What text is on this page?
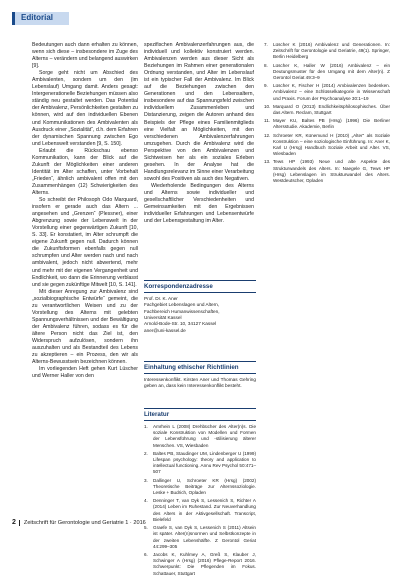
Editorial

Bedeutungen auch dann erhalten zu können, wenn sich diese – insbesondere im Zuge des Alterns – verändern und belangend auswirken [9].

Sorge geht nicht um Abschied des Ambivalenten, sondern um den (im Lebenslauf) Umgang damit. Anders gesagt: Intergenerationelle Beziehungen müssen also ständig neu gestaltet werden. Das Potential der Ambivalenz, Persönlichkeiten gestalten zu können, wird auf den individuellen Ebenen und Kommunikationen des Ambivalenten als Ausdruck einer „Sozialität“, d.h. dem Erfahren der dynamischen Spannung zwischen Ego und Lebenswelt verstanden [9, S. 150].

Erlaubt die Rückschau ebenso Kommunikation, kann der Blick auf die Zukunft der Möglichkeiten einer anderen Identität im Alter schaffen, unter Vorbehalt „Frieden“, ähnlich ambivalent offen mit den Zusammenhängen (12) Schwierigkeiten des Alterns.

So schreibt der Philosoph Odo Marquard, insofern er gerade auch das Altern ... angesehen und „Grenzen“ (Plessner), einer Abgrenzung sowie der Lebenswelt in der Vorstellung einer gegenwärtigen Zukunft [10, S. 33]. Er konstatiert, im Alter schrumpft die eigene Zukunft gegen null. Dadurch können die Zukunftsformen ebenfalls gegen null schrumpfen und Alter werden nach und nach ambivalent, jedoch nicht abwertend, mehr und mehr mit der eigenen Vergangenheit und Endlichkeit, wo dann die Erinnerung verblasst und sie gegen zukünftige Mitwelt [10, S. 141].

Mit dieser Anregung zur Ambivalenz sind „sozialbiographische Entwürfe“ gemeint, die zu verantwortlichen Weisen und zu der Vorstellung des Alterns mit gelebten Spannungsverhältnissen und der Bewältigung der Ambivalenz führen, sodass es für die ältere Person nicht das Ziel ist, den Widerspruch aufzulösen, sondern ihn auszuhalten und als Bestandteil des Lebens zu akzeptieren – ein Prozess, den wir als Alterns-Bewusstsein bezeichnen können.

Im vorliegenden Heft gehen Kurt Lüscher und Werner Haller von den

spezifischen Ambivalenzerfahrungen aus, die individuell und kollektiv konstruiert werden. Ambivalenzen werden aus dieser Sicht als Beziehungen im Rahmen einer generationalen Ordnung verstanden, und Alter im Lebenslauf ist ein typischer Fall der Ambivalenz. Im Blick auf die Beziehungen zwischen den Generationen und den Lebensaltern, insbesondere auf das Spannungsfeld zwischen individuellem Zusammenleben und Distanzierung, zeigen die Autoren anhand des Beispiels der Pflege eines Familienmitglieds eine Vielfalt an Möglichkeiten, mit den verschiedenen Ambivalenzerfahrungen umzugehen. Durch die Ambivalenz wird die Perspektive von den Ambivalenzen und Sichtweisen her als ein soziales Erleben gesehen. In der Analyse hat die Handlungsrelevanz im Sinne einer Verarbeitung sowohl des Positiven als auch des Negativen.

Wiederholende Bedingungen des Alterns und Alterns sowie individueller und gesellschaftlicher Verschiedenheiten und Gemeinsamkeiten mit den Ergebnissen individueller Erfahrungen und Lebensentwürfe und der Lebensgestaltung im Alter.

Korrespondenzadresse

Prof. Dr. K. Aner
Fachgebiet Lebenslagen und Altern,
Fachbereich Humanwissenschaften,
Universität Kassel
Arnold-Bode-Str. 10, 34127 Kassel
aner@uni-kassel.de

Einhaltung ethischer Richtlinien

Interessenkonflikt. Kirsten Aner und Thomas Gehring geben an, dass kein Interessenkonflikt besteht.

Literatur

1. Amrhein L (2008) Drehbücher des Alter(n)s. Die soziale Konstruktion von Modellen und Formen der Lebensführung und -stilisierung älterer Menschen. VS, Wiesbaden
2. Baltes PB, Staudinger UM, Lindenberger U (1999) Lifespan psychology: theory and application to intellectual functioning. Annu Rev Psychol 50:471–507
3. Dallinger U, Schroeter KR (Hrsg) (2002) Theoretische Beiträge zur Alternssoziologie. Leske + Budrich, Opladen
4. Denninger T, van Dyk S, Lessenich S, Richter A (2014) Leben im Ruhestand. Zur Neuverhandlung des Alters in der Aktivgesellschaft. Transcript, Bielefeld
5. Graefe S, van Dyk S, Lessenich S (2011) Altsein ist später. Alter(n)snormen und Selbstkonzepte in der zweiten Lebenshälfte. Z Gerontol Geriat 44:299–305
6. Jacobs K, Kuhlmey A, Greß S, Klauber J, Schwinger A (Hrsg) (2016) Pflege-Report 2016. Schwerpunkt: Die Pflegenden im Fokus. Schattauer, Stuttgart
7. Lüscher K (2016) Ambivalenz und Generationen. In: Zeitschrift für Gerontologie und Geriatrie, 49(1). Springer, Berlin Heidelberg
8. Lüscher K, Haller W (2016) Ambivalenz – ein Deutungsmuster für den Umgang mit dem Alter(n). Z Gerontol Geriat 49:3–9
9. Lüscher K, Fischer H (2014) Ambivalenzen bedenken. Ambivalenz – eine Schlüsselkategorie in Wissenschaft und Praxis. Forum der Psychoanalyse 30:1–19
10. Marquard O (2013) Endlichkeitsphilosophisches. Über das Altern. Reclam, Stuttgart
11. Mayer KU, Baltes PB (Hrsg) (1996) Die Berliner Altersstudie. Akademie, Berlin
12. Schroeter KR, Künemund H (2010) „Alter“ als Soziale Konstruktion – eine soziologische Einführung. In: Aner K, Karl U (Hrsg) Handbuch Soziale Arbeit und Alter. VS, Wiesbaden
13. Tews HP (1993) Neue und alte Aspekte des Strukturwandels des Alters. In: Naegele G, Tews HP (Hrsg) Lebenslagen im Strukturwandel des Alters. Westdeutscher, Opladen
2 Zeitschrift für Gerontologie und Geriatrie 1 · 2016
